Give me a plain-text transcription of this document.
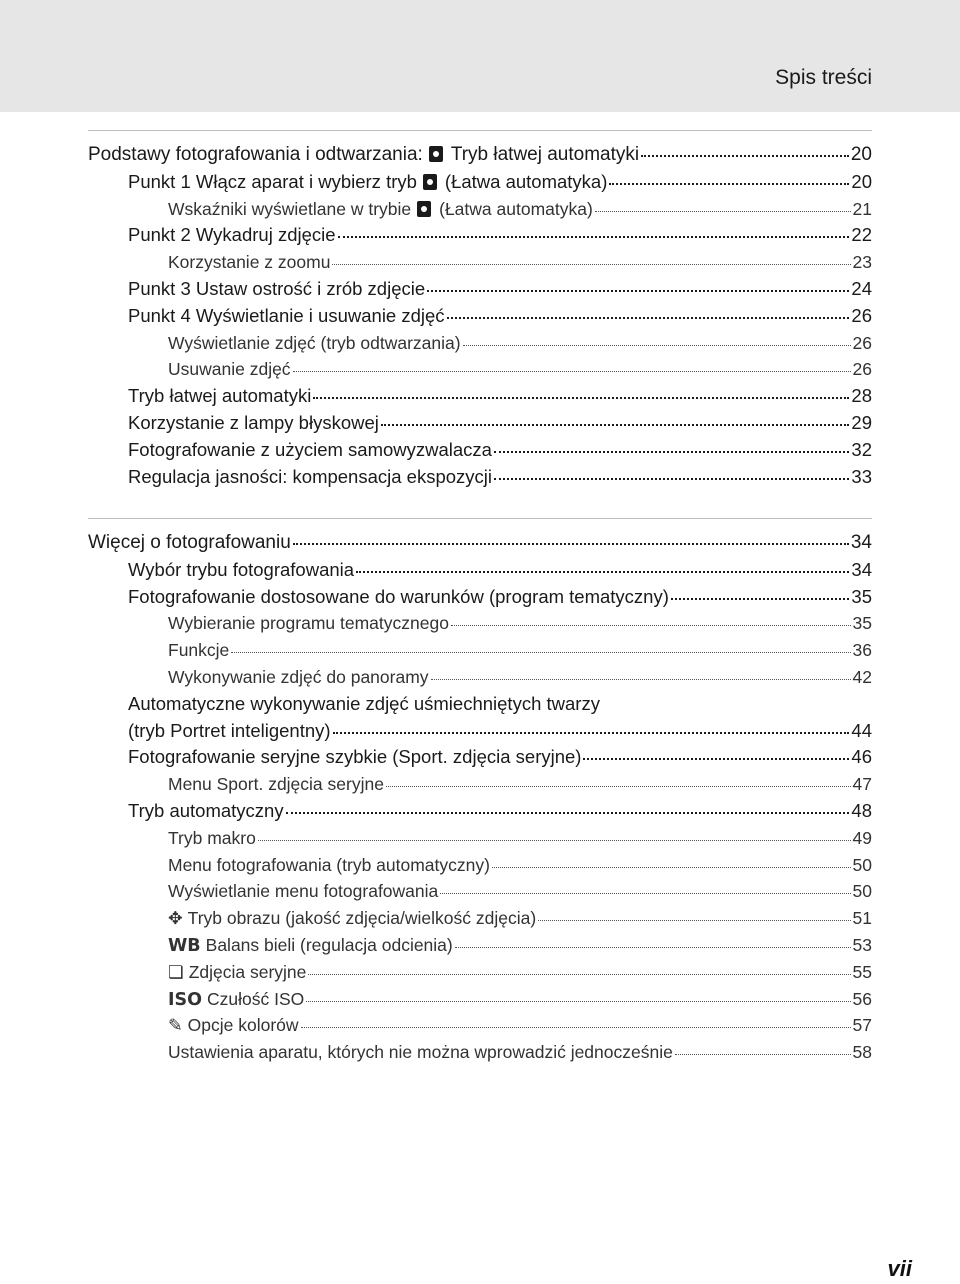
Spis treści
Podstawy fotografowania i odtwarzania: Tryb łatwej automatyki	20
Punkt 1 Włącz aparat i wybierz tryb (Łatwa automatyka)	20
Wskaźniki wyświetlane w trybie (Łatwa automatyka)	21
Punkt 2 Wykadruj zdjęcie	22
Korzystanie z zoomu	23
Punkt 3 Ustaw ostrość i zrób zdjęcie	24
Punkt 4 Wyświetlanie i usuwanie zdjęć	26
Wyświetlanie zdjęć (tryb odtwarzania)	26
Usuwanie zdjęć	26
Tryb łatwej automatyki	28
Korzystanie z lampy błyskowej	29
Fotografowanie z użyciem samowyzwalacza	32
Regulacja jasności: kompensacja ekspozycji	33
Więcej o fotografowaniu	34
Wybór trybu fotografowania	34
Fotografowanie dostosowane do warunków (program tematyczny)	35
Wybieranie programu tematycznego	35
Funkcje	36
Wykonywanie zdjęć do panoramy	42
Automatyczne wykonywanie zdjęć uśmiechniętych twarzy
(tryb Portret inteligentny)	44
Fotografowanie seryjne szybkie (Sport. zdjęcia seryjne)	46
Menu Sport. zdjęcia seryjne	47
Tryb automatyczny	48
Tryb makro	49
Menu fotografowania (tryb automatyczny)	50
Wyświetlanie menu fotografowania	50
✥ Tryb obrazu (jakość zdjęcia/wielkość zdjęcia)	51
WB Balans bieli (regulacja odcienia)	53
❏ Zdjęcia seryjne	55
ISO Czułość ISO	56
✎ Opcje kolorów	57
Ustawienia aparatu, których nie można wprowadzić jednocześnie	58
vii
